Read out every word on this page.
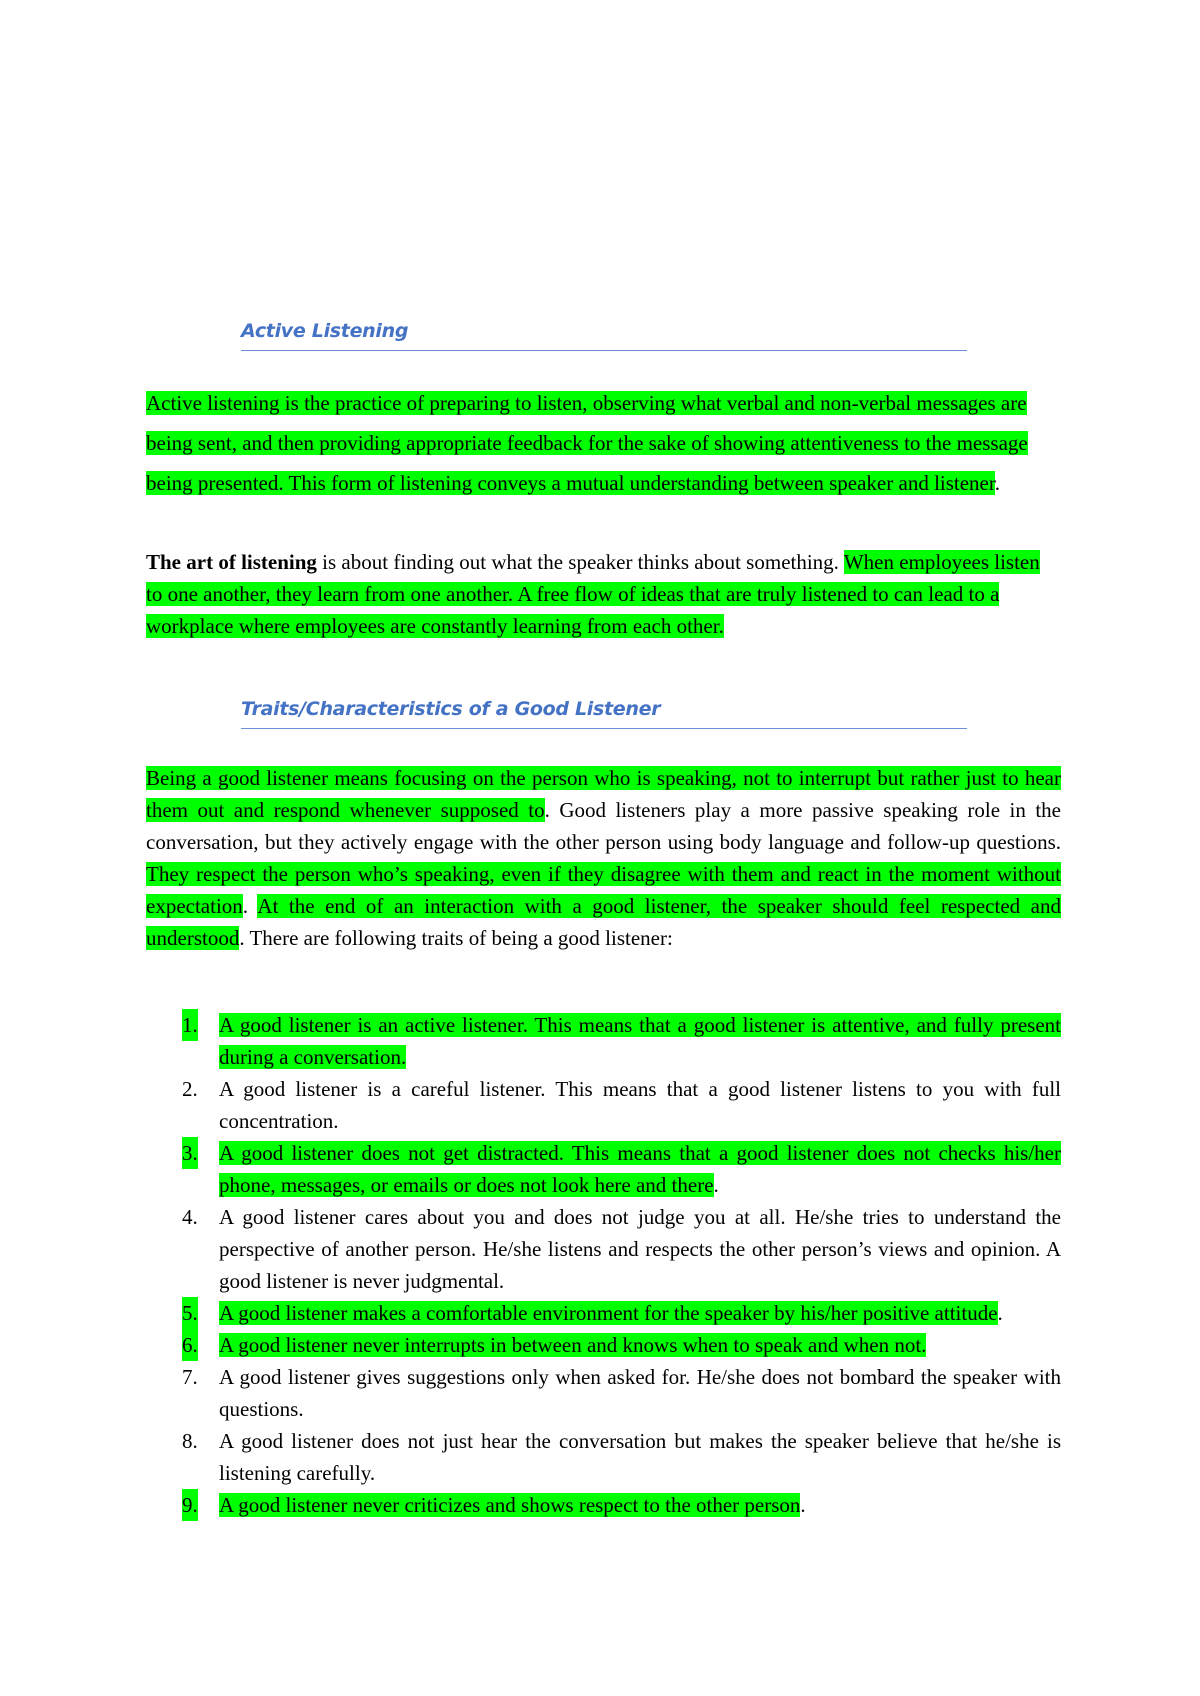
Active Listening

Active listening is the practice of preparing to listen, observing what verbal and non-verbal messages are being sent, and then providing appropriate feedback for the sake of showing attentiveness to the message being presented. This form of listening conveys a mutual understanding between speaker and listener.

The art of listening is about finding out what the speaker thinks about something. When employees listen to one another, they learn from one another. A free flow of ideas that are truly listened to can lead to a workplace where employees are constantly learning from each other.

Traits/Characteristics of a Good Listener

Being a good listener means focusing on the person who is speaking, not to interrupt but rather just to hear them out and respond whenever supposed to. Good listeners play a more passive speaking role in the conversation, but they actively engage with the other person using body language and follow-up questions. They respect the person who’s speaking, even if they disagree with them and react in the moment without expectation. At the end of an interaction with a good listener, the speaker should feel respected and understood. There are following traits of being a good listener:

1. A good listener is an active listener. This means that a good listener is attentive, and fully present during a conversation.
2. A good listener is a careful listener. This means that a good listener listens to you with full concentration.
3. A good listener does not get distracted. This means that a good listener does not checks his/her phone, messages, or emails or does not look here and there.
4. A good listener cares about you and does not judge you at all. He/she tries to understand the perspective of another person. He/she listens and respects the other person’s views and opinion. A good listener is never judgmental.
5. A good listener makes a comfortable environment for the speaker by his/her positive attitude.
6. A good listener never interrupts in between and knows when to speak and when not.
7. A good listener gives suggestions only when asked for. He/she does not bombard the speaker with questions.
8. A good listener does not just hear the conversation but makes the speaker believe that he/she is listening carefully.
9. A good listener never criticizes and shows respect to the other person.
